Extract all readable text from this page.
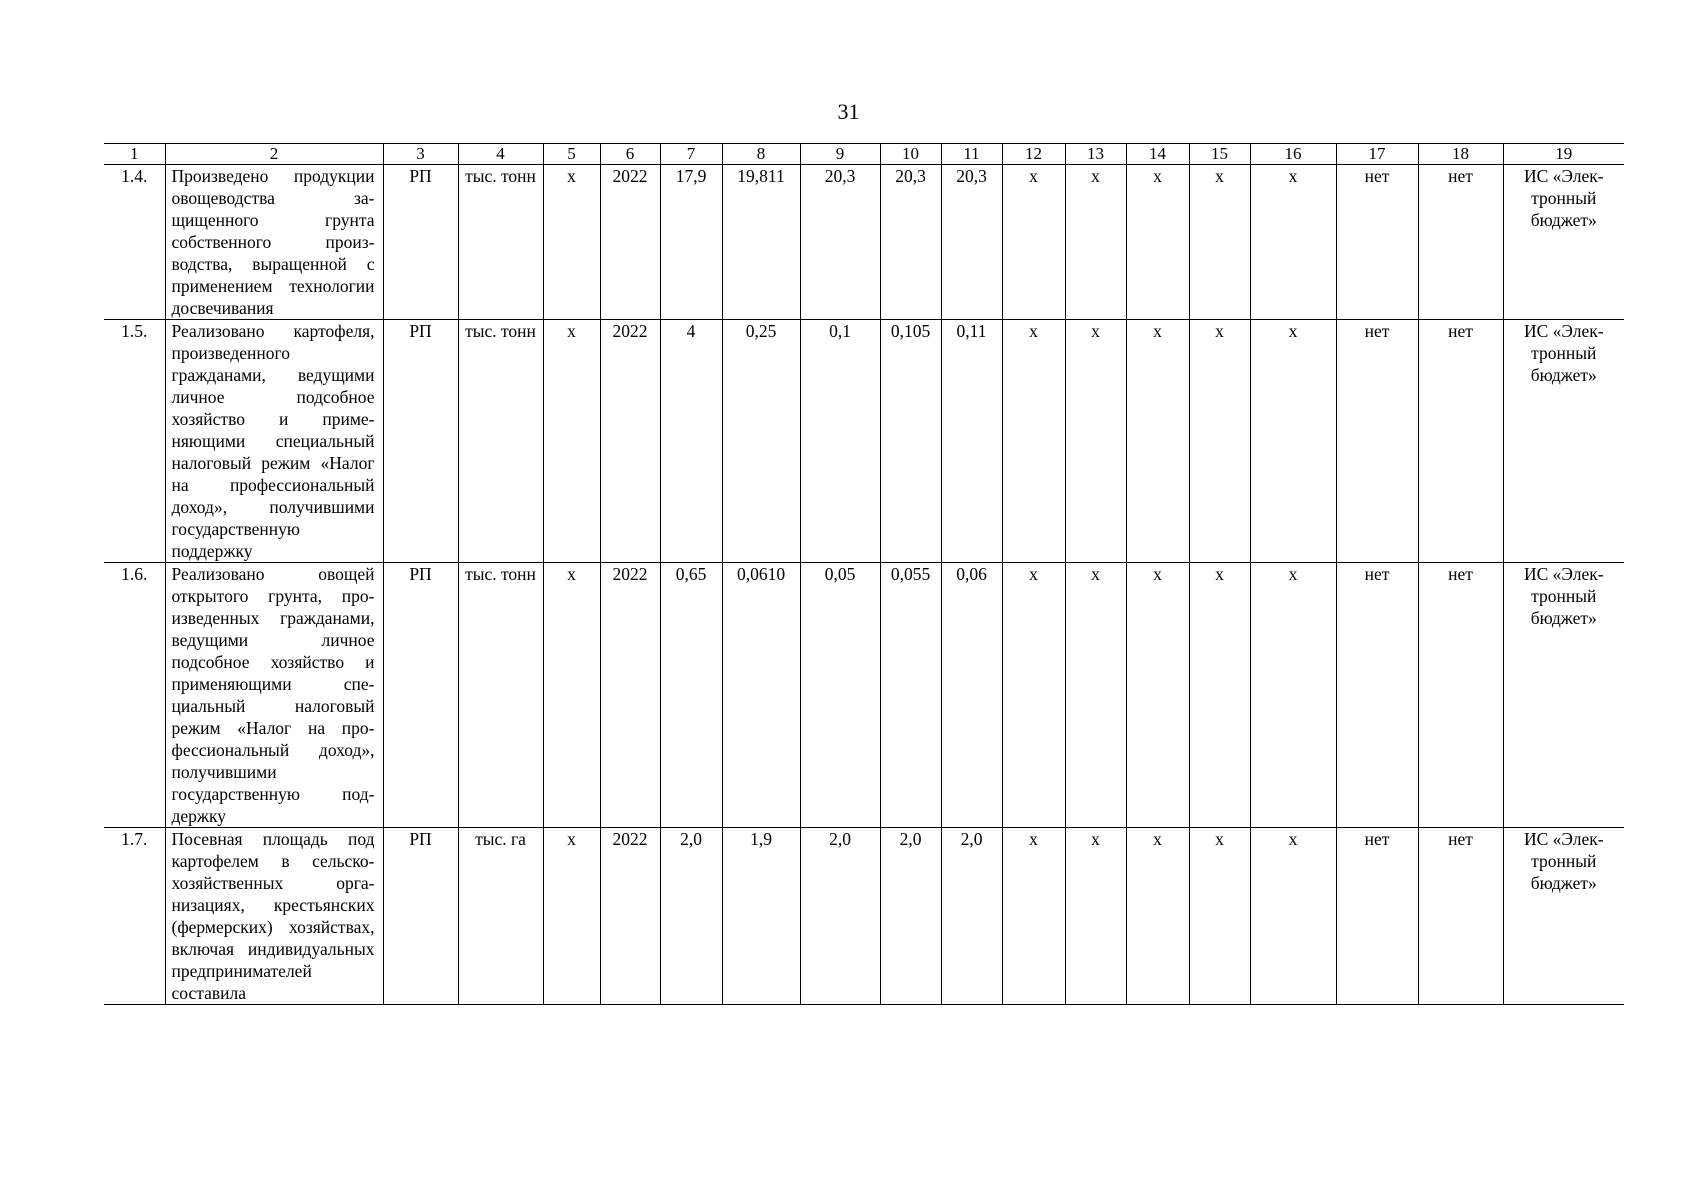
31
1	2	3	4	5	6	7	8	9	10	11	12	13	14	15	16	17	18	19
1.4.	Произведено продукции овощеводства защищенного грунта собственного производства, выращенной с применением технологии досвечивания	РП	тыс. тонн	x	2022	17,9	19,811	20,3	20,3	20,3	x	x	x	x	x	нет	нет	ИС «Электронный бюджет»
1.5.	Реализовано картофеля, произведенного гражданами, ведущими личное подсобное хозяйство и применяющими специальный налоговый режим «Налог на профессиональный доход», получившими государственную поддержку	РП	тыс. тонн	x	2022	4	0,25	0,1	0,105	0,11	x	x	x	x	x	нет	нет	ИС «Электронный бюджет»
1.6.	Реализовано овощей открытого грунта, произведенных гражданами, ведущими личное подсобное хозяйство и применяющими специальный налоговый режим «Налог на профессиональный доход», получившими государственную поддержку	РП	тыс. тонн	x	2022	0,65	0,0610	0,05	0,055	0,06	x	x	x	x	x	нет	нет	ИС «Электронный бюджет»
1.7.	Посевная площадь под картофелем в сельскохозяйственных организациях, крестьянских (фермерских) хозяйствах, включая индивидуальных предпринимателей составила	РП	тыс. га	x	2022	2,0	1,9	2,0	2,0	2,0	x	x	x	x	x	нет	нет	ИС «Электронный бюджет»
